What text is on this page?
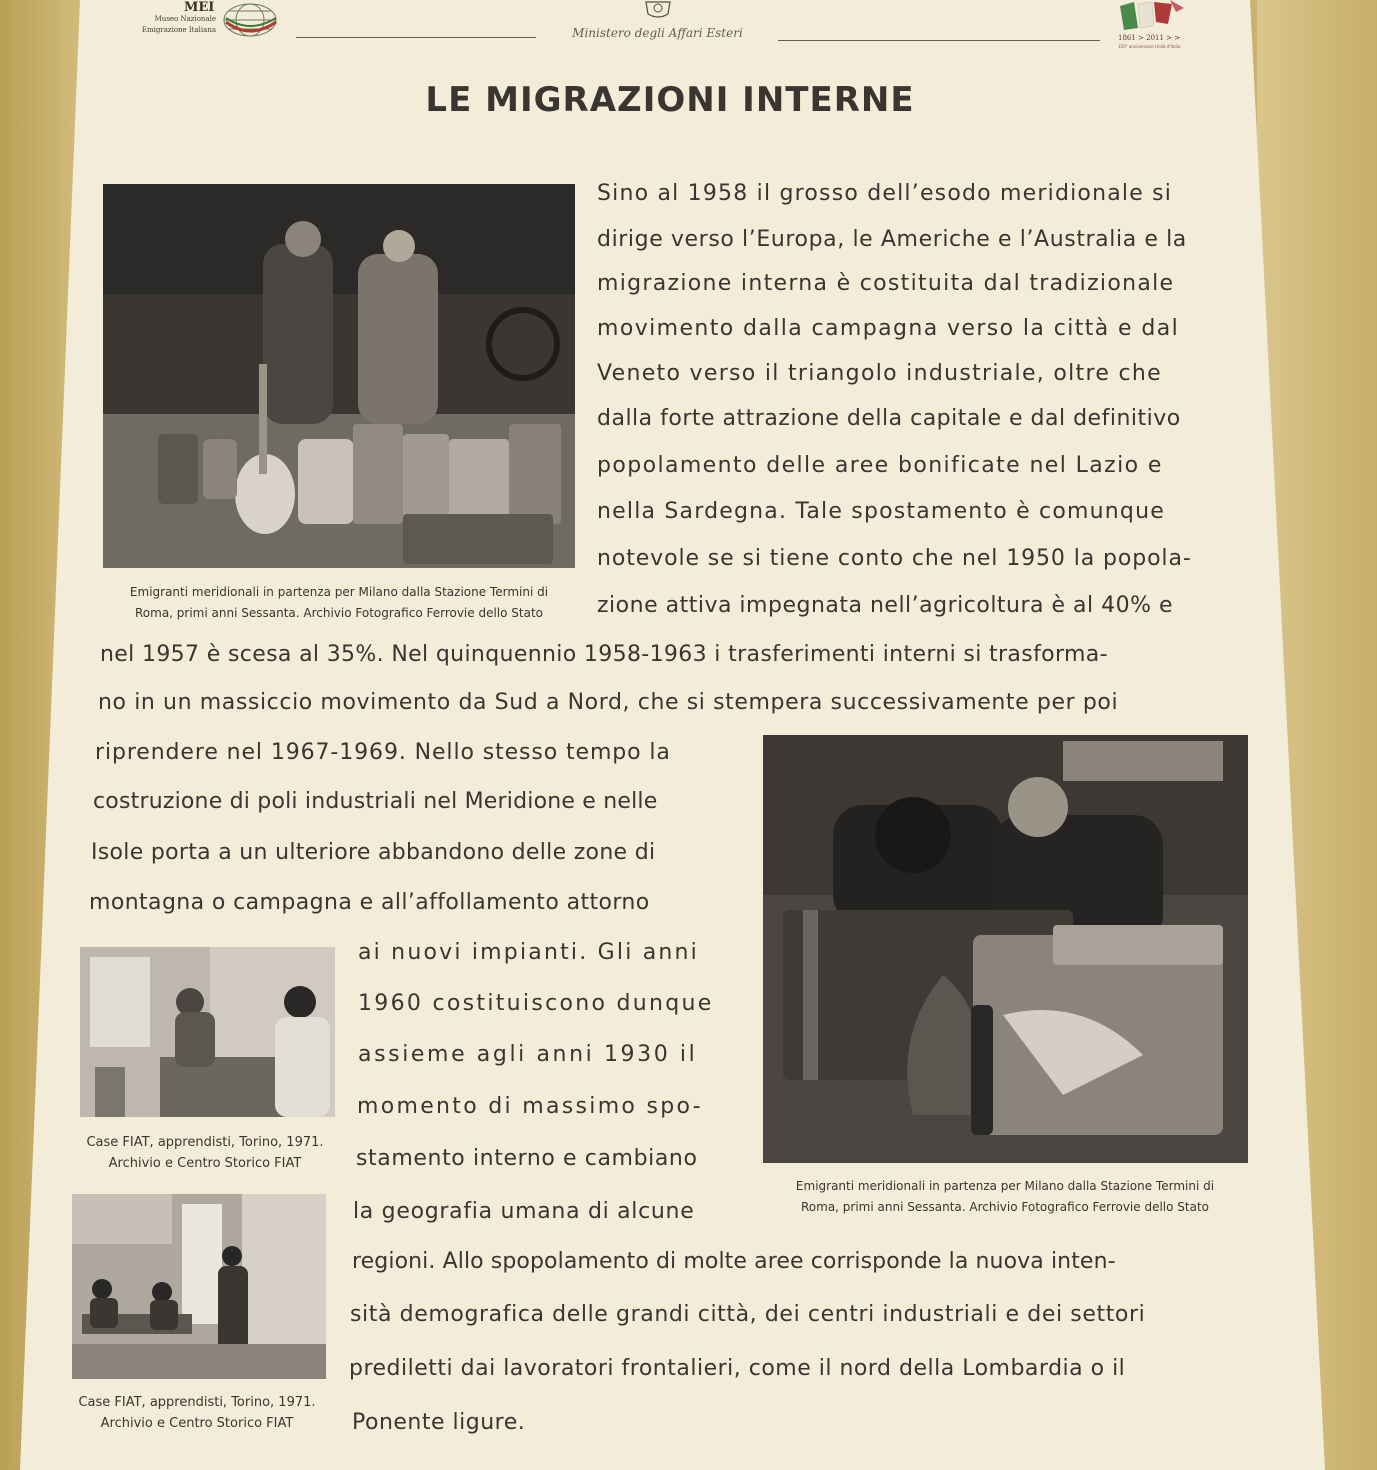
MEI
Museo Nazionale
Emigrazione Italiana	Ministero degli Affari Esteri	1861 > 2011 > >
150° anniversario Unità d'Italia
LE MIGRAZIONI INTERNE
Emigranti meridionali in partenza per Milano dalla Stazione Termini di
Roma, primi anni Sessanta. Archivio Fotografico Ferrovie dello Stato
Emigranti meridionali in partenza per Milano dalla Stazione Termini di
Roma, primi anni Sessanta. Archivio Fotografico Ferrovie dello Stato
Case FIAT, apprendisti, Torino, 1971.
Archivio e Centro Storico FIAT
Case FIAT, apprendisti, Torino, 1971.
Archivio e Centro Storico FIAT
Sino al 1958 il grosso dell’esodo meridionale si
dirige verso l’Europa, le Americhe e l’Australia e la
migrazione interna è costituita dal tradizionale
movimento dalla campagna verso la città e dal
Veneto verso il triangolo industriale, oltre che
dalla forte attrazione della capitale e dal definitivo
popolamento delle aree bonificate nel Lazio e
nella Sardegna. Tale spostamento è comunque
notevole se si tiene conto che nel 1950 la popola-
zione attiva impegnata nell’agricoltura è al 40% e
nel 1957 è scesa al 35%. Nel quinquennio 1958-1963 i trasferimenti interni si trasforma-
no in un massiccio movimento da Sud a Nord, che si stempera successivamente per poi
riprendere nel 1967-1969. Nello stesso tempo la
costruzione di poli industriali nel Meridione e nelle
Isole porta a un ulteriore abbandono delle zone di
montagna o campagna e all’affollamento attorno
ai nuovi impianti. Gli anni
1960 costituiscono dunque
assieme agli anni 1930 il
momento di massimo spo-
stamento interno e cambiano
la geografia umana di alcune
regioni. Allo spopolamento di molte aree corrisponde la nuova inten-
sità demografica delle grandi città, dei centri industriali e dei settori
prediletti dai lavoratori frontalieri, come il nord della Lombardia o il
Ponente ligure.
